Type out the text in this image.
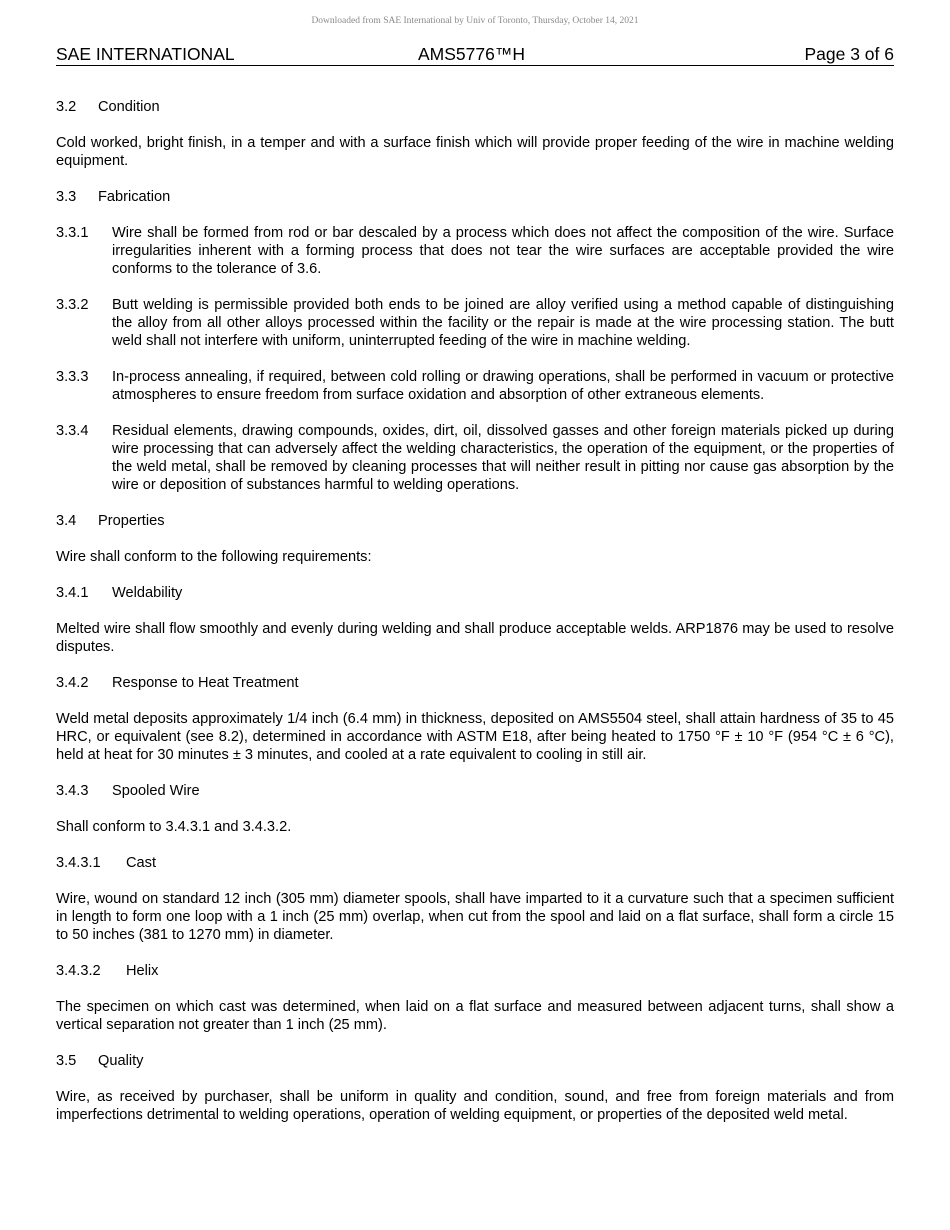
Downloaded from SAE International by Univ of Toronto, Thursday, October 14, 2021
SAE INTERNATIONAL	AMS5776™H	Page 3 of 6
3.2 Condition

Cold worked, bright finish, in a temper and with a surface finish which will provide proper feeding of the wire in machine welding equipment.

3.3 Fabrication
3.3.1	Wire shall be formed from rod or bar descaled by a process which does not affect the composition of the wire. Surface irregularities inherent with a forming process that does not tear the wire surfaces are acceptable provided the wire conforms to the tolerance of 3.6.
3.3.2	Butt welding is permissible provided both ends to be joined are alloy verified using a method capable of distinguishing the alloy from all other alloys processed within the facility or the repair is made at the wire processing station. The butt weld shall not interfere with uniform, uninterrupted feeding of the wire in machine welding.
3.3.3	In-process annealing, if required, between cold rolling or drawing operations, shall be performed in vacuum or protective atmospheres to ensure freedom from surface oxidation and absorption of other extraneous elements.
3.3.4	Residual elements, drawing compounds, oxides, dirt, oil, dissolved gasses and other foreign materials picked up during wire processing that can adversely affect the welding characteristics, the operation of the equipment, or the properties of the weld metal, shall be removed by cleaning processes that will neither result in pitting nor cause gas absorption by the wire or deposition of substances harmful to welding operations.
3.4 Properties

Wire shall conform to the following requirements:

3.4.1 Weldability

Melted wire shall flow smoothly and evenly during welding and shall produce acceptable welds. ARP1876 may be used to resolve disputes.

3.4.2 Response to Heat Treatment

Weld metal deposits approximately 1/4 inch (6.4 mm) in thickness, deposited on AMS5504 steel, shall attain hardness of 35 to 45 HRC, or equivalent (see 8.2), determined in accordance with ASTM E18, after being heated to 1750 °F ± 10 °F (954 °C ± 6 °C), held at heat for 30 minutes ± 3 minutes, and cooled at a rate equivalent to cooling in still air.

3.4.3 Spooled Wire

Shall conform to 3.4.3.1 and 3.4.3.2.

3.4.3.1 Cast

Wire, wound on standard 12 inch (305 mm) diameter spools, shall have imparted to it a curvature such that a specimen sufficient in length to form one loop with a 1 inch (25 mm) overlap, when cut from the spool and laid on a flat surface, shall form a circle 15 to 50 inches (381 to 1270 mm) in diameter.

3.4.3.2 Helix

The specimen on which cast was determined, when laid on a flat surface and measured between adjacent turns, shall show a vertical separation not greater than 1 inch (25 mm).

3.5 Quality

Wire, as received by purchaser, shall be uniform in quality and condition, sound, and free from foreign materials and from imperfections detrimental to welding operations, operation of welding equipment, or properties of the deposited weld metal.
